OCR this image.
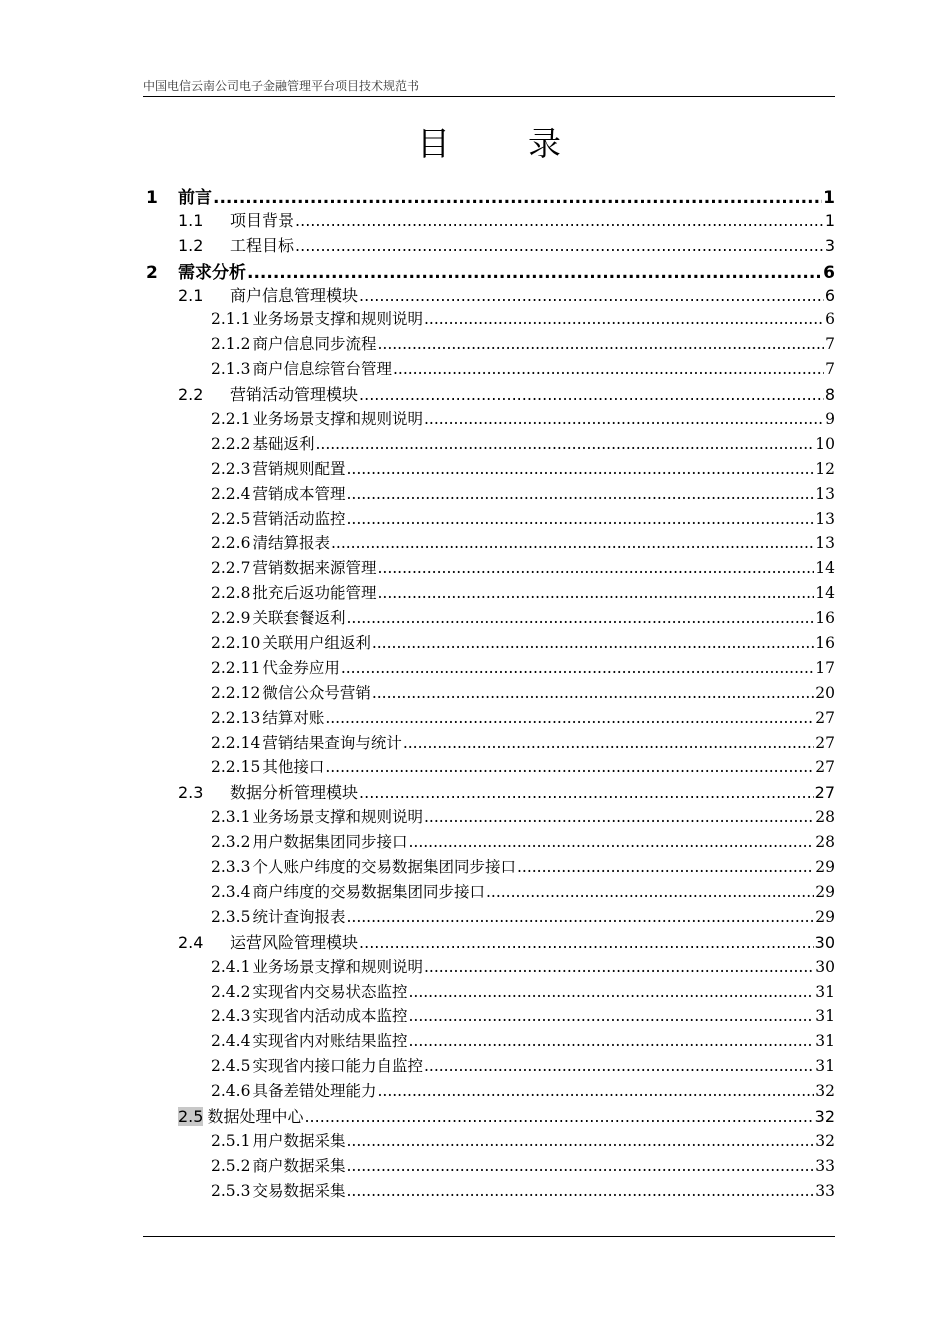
中国电信云南公司电子金融管理平台项目技术规范书
目录
1 前言 .....	1
1.1 项目背景 .....	1
1.2 工程目标 .....	3
2 需求分析 .....	6
2.1 商户信息管理模块 .....	6
2.1.1 业务场景支撑和规则说明 .....	6
2.1.2 商户信息同步流程 .....	7
2.1.3 商户信息综管台管理 .....	7
2.2 营销活动管理模块 .....	8
2.2.1 业务场景支撑和规则说明 .....	9
2.2.2 基础返利 .....	10
2.2.3 营销规则配置 .....	12
2.2.4 营销成本管理 .....	13
2.2.5 营销活动监控 .....	13
2.2.6 清结算报表 .....	13
2.2.7 营销数据来源管理 .....	14
2.2.8 批充后返功能管理 .....	14
2.2.9 关联套餐返利 .....	16
2.2.10 关联用户组返利 .....	16
2.2.11 代金券应用 .....	17
2.2.12 微信公众号营销 .....	20
2.2.13 结算对账 .....	27
2.2.14 营销结果查询与统计 .....	27
2.2.15 其他接口 .....	27
2.3 数据分析管理模块 .....	27
2.3.1 业务场景支撑和规则说明 .....	28
2.3.2 用户数据集团同步接口 .....	28
2.3.3 个人账户纬度的交易数据集团同步接口 .....	29
2.3.4 商户纬度的交易数据集团同步接口 .....	29
2.3.5 统计查询报表 .....	29
2.4 运营风险管理模块 .....	30
2.4.1 业务场景支撑和规则说明 .....	30
2.4.2 实现省内交易状态监控 .....	31
2.4.3 实现省内活动成本监控 .....	31
2.4.4 实现省内对账结果监控 .....	31
2.4.5 实现省内接口能力自监控 .....	31
2.4.6 具备差错处理能力 .....	32
2.5 数据处理中心 .....	32
2.5.1 用户数据采集 .....	32
2.5.2 商户数据采集 .....	33
2.5.3 交易数据采集 .....	33
